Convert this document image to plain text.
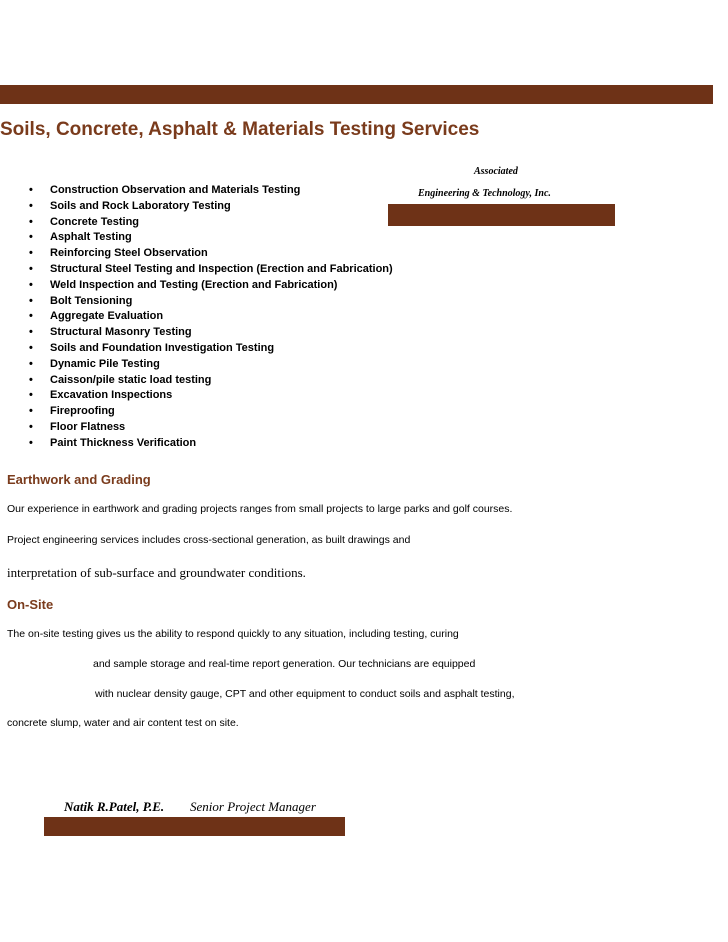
Soils, Concrete, Asphalt & Materials Testing Services
Associated
Engineering & Technology, Inc.
• Construction Observation and Materials Testing
• Soils and Rock Laboratory Testing
• Concrete Testing
• Asphalt Testing
• Reinforcing Steel Observation
• Structural Steel Testing and Inspection (Erection and Fabrication)
• Weld Inspection and Testing (Erection and Fabrication)
• Bolt Tensioning
• Aggregate Evaluation
• Structural Masonry Testing
• Soils and Foundation Investigation Testing
• Dynamic Pile Testing
• Caisson/pile static load testing
• Excavation Inspections
• Fireproofing
• Floor Flatness
• Paint Thickness Verification
Earthwork and Grading
Our experience in earthwork and grading projects ranges from small projects to large parks and golf courses.
Project engineering services includes cross-sectional generation, as built drawings and
interpretation of sub-surface and groundwater conditions.
On-Site
The on-site testing gives us the ability to respond quickly to any situation, including testing, curing
and sample storage and real-time report generation. Our technicians are equipped
with nuclear density gauge, CPT and other equipment to conduct soils and asphalt testing,
concrete slump, water and air content test on site.
Natik R.Patel, P.E. Senior Project Manager
